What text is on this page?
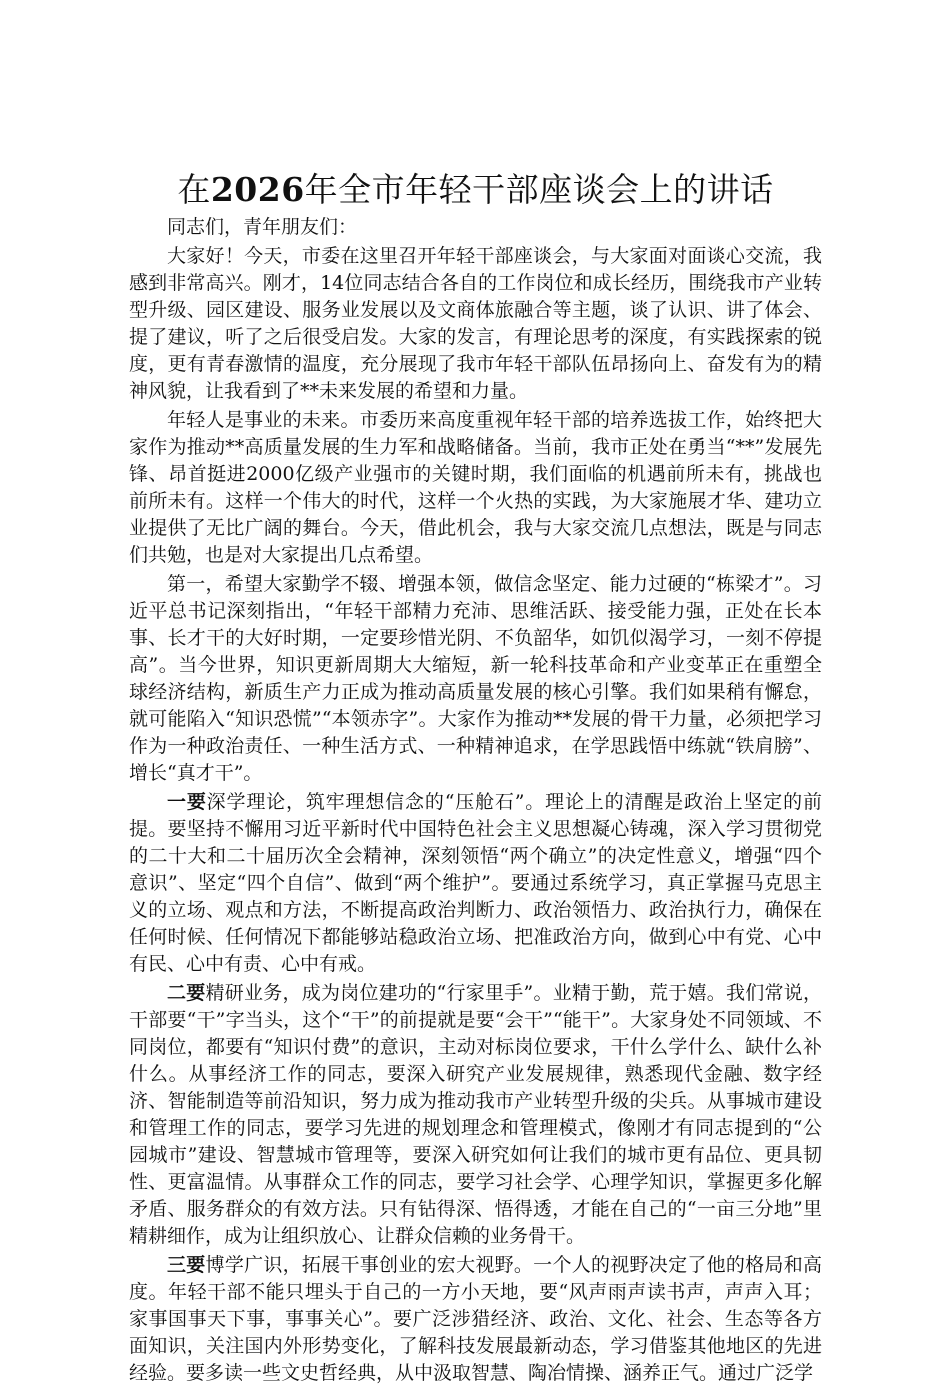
在2026年全市年轻干部座谈会上的讲话

同志们，青年朋友们：

大家好！今天，市委在这里召开年轻干部座谈会，与大家面对面谈心交流，我感到非常高兴。刚才，14位同志结合各自的工作岗位和成长经历，围绕我市产业转型升级、园区建设、服务业发展以及文商体旅融合等主题，谈了认识、讲了体会、提了建议，听了之后很受启发。大家的发言，有理论思考的深度，有实践探索的锐度，更有青春激情的温度，充分展现了我市年轻干部队伍昂扬向上、奋发有为的精神风貌，让我看到了**未来发展的希望和力量。

年轻人是事业的未来。市委历来高度重视年轻干部的培养选拔工作，始终把大家作为推动**高质量发展的生力军和战略储备。当前，我市正处在勇当“**”发展先锋、昂首挺进2000亿级产业强市的关键时期，我们面临的机遇前所未有，挑战也前所未有。这样一个伟大的时代，这样一个火热的实践，为大家施展才华、建功立业提供了无比广阔的舞台。今天，借此机会，我与大家交流几点想法，既是与同志们共勉，也是对大家提出几点希望。

第一，希望大家勤学不辍、增强本领，做信念坚定、能力过硬的“栋梁才”。习近平总书记深刻指出，“年轻干部精力充沛、思维活跃、接受能力强，正处在长本事、长才干的大好时期，一定要珍惜光阴、不负韶华，如饥似渴学习，一刻不停提高”。当今世界，知识更新周期大大缩短，新一轮科技革命和产业变革正在重塑全球经济结构，新质生产力正成为推动高质量发展的核心引擎。我们如果稍有懈怠，就可能陷入“知识恐慌”“本领赤字”。大家作为推动**发展的骨干力量，必须把学习作为一种政治责任、一种生活方式、一种精神追求，在学思践悟中练就“铁肩膀”、增长“真才干”。

一要深学理论，筑牢理想信念的“压舱石”。理论上的清醒是政治上坚定的前提。要坚持不懈用习近平新时代中国特色社会主义思想凝心铸魂，深入学习贯彻党的二十大和二十届历次全会精神，深刻领悟“两个确立”的决定性意义，增强“四个意识”、坚定“四个自信”、做到“两个维护”。要通过系统学习，真正掌握马克思主义的立场、观点和方法，不断提高政治判断力、政治领悟力、政治执行力，确保在任何时候、任何情况下都能够站稳政治立场、把准政治方向，做到心中有党、心中有民、心中有责、心中有戒。

二要精研业务，成为岗位建功的“行家里手”。业精于勤，荒于嬉。我们常说，干部要“干”字当头，这个“干”的前提就是要“会干”“能干”。大家身处不同领域、不同岗位，都要有“知识付费”的意识，主动对标岗位要求，干什么学什么、缺什么补什么。从事经济工作的同志，要深入研究产业发展规律，熟悉现代金融、数字经济、智能制造等前沿知识，努力成为推动我市产业转型升级的尖兵。从事城市建设和管理工作的同志，要学习先进的规划理念和管理模式，像刚才有同志提到的“公园城市”建设、智慧城市管理等，要深入研究如何让我们的城市更有品位、更具韧性、更富温情。从事群众工作的同志，要学习社会学、心理学知识，掌握更多化解矛盾、服务群众的有效方法。只有钻得深、悟得透，才能在自己的“一亩三分地”里精耕细作，成为让组织放心、让群众信赖的业务骨干。

三要博学广识，拓展干事创业的宏大视野。一个人的视野决定了他的格局和高度。年轻干部不能只埋头于自己的一方小天地，要“风声雨声读书声，声声入耳；家事国事天下事，事事关心”。要广泛涉猎经济、政治、文化、社会、生态等各方面知识，关注国内外形势变化，了解科技发展最新动态，学习借鉴其他地区的先进经验。要多读一些文史哲经典，从中汲取智慧、陶冶情操、涵养正气。通过广泛学
